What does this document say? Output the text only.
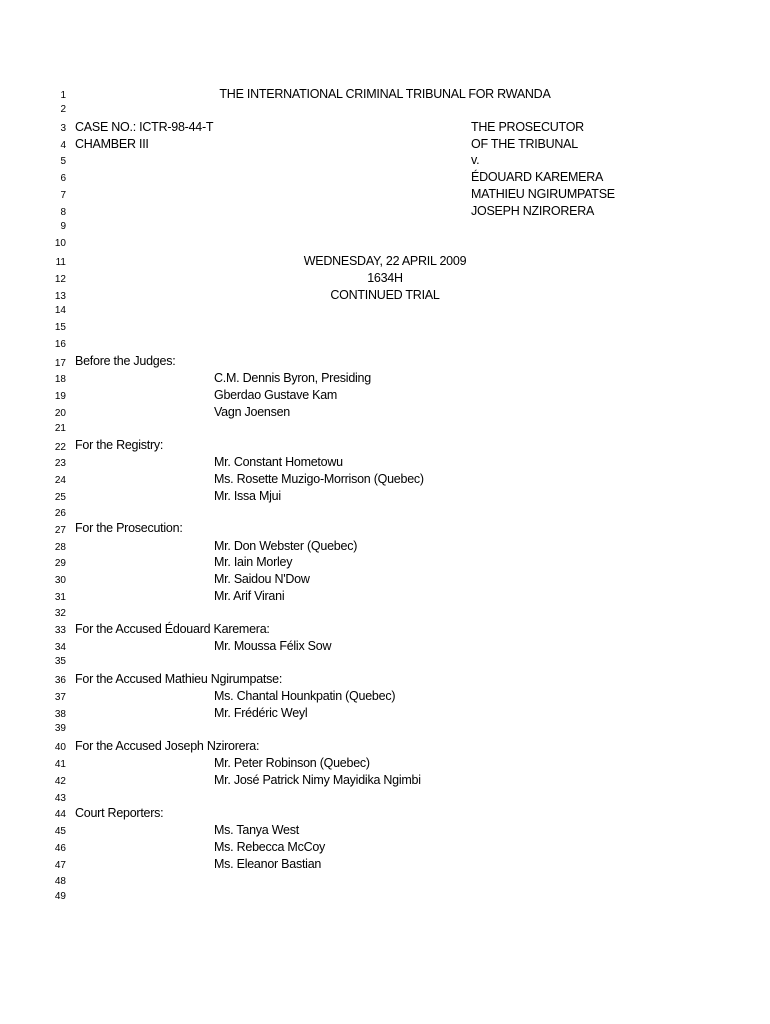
1
2
3
4
5
6
7
8
9
10
11
12
13
14
15
16
17
18
19
20
21
22
23
24
25
26
27
28
29
30
31
32
33
34
35
36
37
38
39
40
41
42
43
44
45
46
47
48
49
THE INTERNATIONAL CRIMINAL TRIBUNAL FOR RWANDA
CASE NO.: ICTR-98-44-T
CHAMBER III
THE PROSECUTOR
OF THE TRIBUNAL
v.
ÉDOUARD KAREMERA
MATHIEU NGIRUMPATSE
JOSEPH NZIRORERA
WEDNESDAY, 22 APRIL 2009
1634H
CONTINUED TRIAL
Before the Judges:
C.M. Dennis Byron, Presiding
Gberdao Gustave Kam
Vagn Joensen
For the Registry:
Mr. Constant Hometowu
Ms. Rosette Muzigo-Morrison (Quebec)
Mr. Issa Mjui
For the Prosecution:
Mr. Don Webster (Quebec)
Mr. Iain Morley
Mr. Saidou N'Dow
Mr. Arif Virani
For the Accused Édouard Karemera:
Mr. Moussa Félix Sow
For the Accused Mathieu Ngirumpatse:
Ms. Chantal Hounkpatin (Quebec)
Mr. Frédéric Weyl
For the Accused Joseph Nzirorera:
Mr. Peter Robinson (Quebec)
Mr. José Patrick Nimy Mayidika Ngimbi
Court Reporters:
Ms. Tanya West
Ms. Rebecca McCoy
Ms. Eleanor Bastian
